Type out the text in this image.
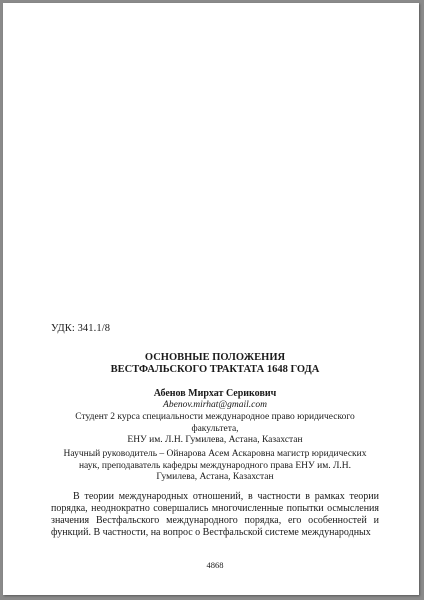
УДК: 341.1/8
ОСНОВНЫЕ ПОЛОЖЕНИЯ
ВЕСТФАЛЬСКОГО ТРАКТАТА 1648 ГОДА
Абенов Мирхат Серикович
Abenov.mirhat@gmail.com
Студент 2 курса специальности международное право юридического
факультета,
ЕНУ им. Л.Н. Гумилева, Астана, Казахстан
Научный руководитель – Ойнарова Асем Аскаровна магистр юридических
наук, преподаватель кафедры международного права ЕНУ им. Л.Н.
Гумилева, Астана, Казахстан

В теории международных отношений, в частности в рамках теории порядка, неоднократно совершались многочисленные попытки осмысления значения Вестфальского международного порядка, его особенностей и функций. В частности, на вопрос о Вестфальской системе международных

4868
